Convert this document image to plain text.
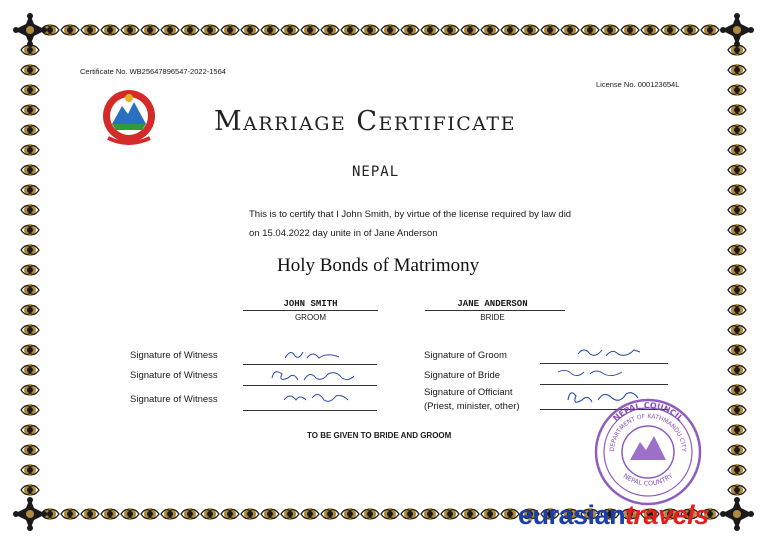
Certificate No. WB25647896547-2022-1564
License No. 000123654L
Marriage Certificate
NEPAL
This is to certify that I John Smith, by virtue of the license required by law did
on 15.04.2022 day unite in of Jane Anderson
Holy Bonds of Matrimony
JOHN SMITH
GROOM
JANE ANDERSON
BRIDE
Signature of Witness
Signature of Witness
Signature of Witness
Signature of Groom
Signature of Bride
Signature of Officiant
(Priest, minister, other)
TO BE GIVEN TO BRIDE AND GROOM
NEPAL COUNCIL
DEPARTMENT OF KATHMANDU CITY
NEPAL COUNTRY
eurasiantravels
